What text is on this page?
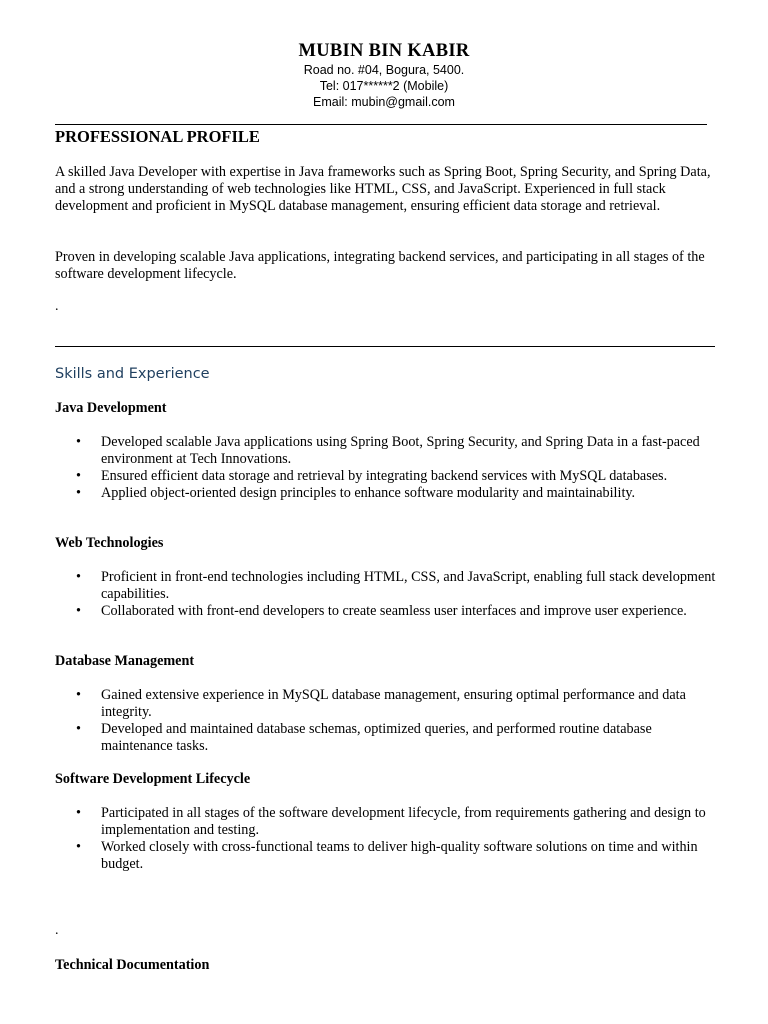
MUBIN BIN KABIR
Road no. #04, Bogura, 5400.
Tel: 017******2 (Mobile)
Email: mubin@gmail.com
PROFESSIONAL PROFILE
A skilled Java Developer with expertise in Java frameworks such as Spring Boot, Spring Security, and Spring Data, and a strong understanding of web technologies like HTML, CSS, and JavaScript. Experienced in full stack development and proficient in MySQL database management, ensuring efficient data storage and retrieval.
Proven in developing scalable Java applications, integrating backend services, and participating in all stages of the software development lifecycle.
.
Skills and Experience
Java Development
• Developed scalable Java applications using Spring Boot, Spring Security, and Spring Data in a fast-paced environment at Tech Innovations.
• Ensured efficient data storage and retrieval by integrating backend services with MySQL databases.
• Applied object-oriented design principles to enhance software modularity and maintainability.
Web Technologies
• Proficient in front-end technologies including HTML, CSS, and JavaScript, enabling full stack development capabilities.
• Collaborated with front-end developers to create seamless user interfaces and improve user experience.
Database Management
• Gained extensive experience in MySQL database management, ensuring optimal performance and data integrity.
• Developed and maintained database schemas, optimized queries, and performed routine database maintenance tasks.
Software Development Lifecycle
• Participated in all stages of the software development lifecycle, from requirements gathering and design to implementation and testing.
• Worked closely with cross-functional teams to deliver high-quality software solutions on time and within budget.
.
Technical Documentation
